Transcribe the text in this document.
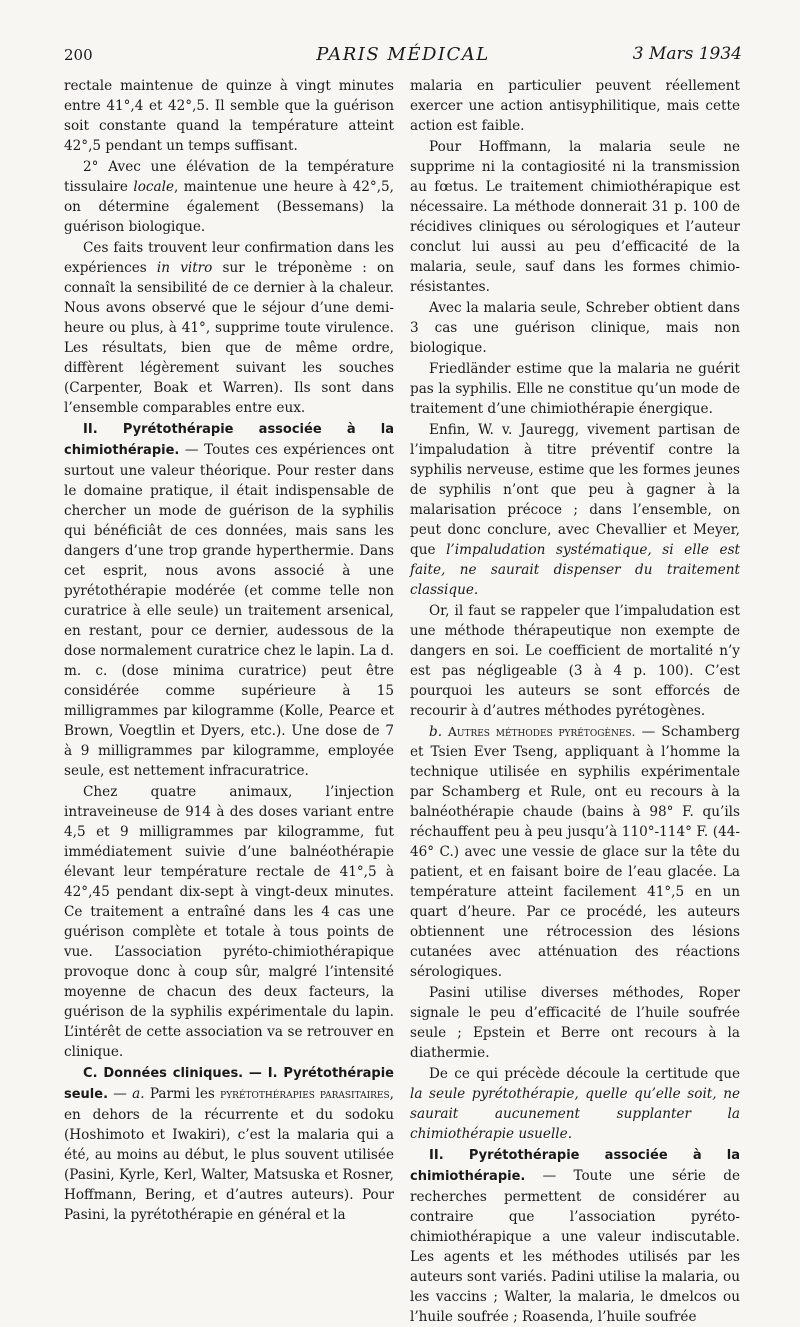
200	PARIS MÉDICAL	3 Mars 1934

rectale maintenue de quinze à vingt minutes entre 41°,4 et 42°,5. Il semble que la guérison soit constante quand la température atteint 42°,5 pendant un temps suffisant.

2° Avec une élévation de la température tissulaire locale, maintenue une heure à 42°,5, on détermine également (Bessemans) la guérison biologique.

Ces faits trouvent leur confirmation dans les expériences in vitro sur le tréponème : on connaît la sensibilité de ce dernier à la chaleur. Nous avons observé que le séjour d’une demi-heure ou plus, à 41°, supprime toute virulence. Les résultats, bien que de même ordre, diffèrent légèrement suivant les souches (Carpenter, Boak et Warren). Ils sont dans l’ensemble comparables entre eux.

II. Pyrétothérapie associée à la chimiothérapie. — Toutes ces expériences ont surtout une valeur théorique. Pour rester dans le domaine pratique, il était indispensable de chercher un mode de guérison de la syphilis qui bénéficiât de ces données, mais sans les dangers d’une trop grande hyperthermie. Dans cet esprit, nous avons associé à une pyrétothérapie modérée (et comme telle non curatrice à elle seule) un traitement arsenical, en restant, pour ce dernier, audessous de la dose normalement curatrice chez le lapin. La d. m. c. (dose minima curatrice) peut être considérée comme supérieure à 15 milligrammes par kilogramme (Kolle, Pearce et Brown, Voegtlin et Dyers, etc.). Une dose de 7 à 9 milligrammes par kilogramme, employée seule, est nettement infracuratrice.

Chez quatre animaux, l’injection intraveineuse de 914 à des doses variant entre 4,5 et 9 milligrammes par kilogramme, fut immédiatement suivie d’une balnéothérapie élevant leur température rectale de 41°,5 à 42°,45 pendant dix-sept à vingt-deux minutes. Ce traitement a entraîné dans les 4 cas une guérison complète et totale à tous points de vue. L’association pyréto-chimiothérapique provoque donc à coup sûr, malgré l’intensité moyenne de chacun des deux facteurs, la guérison de la syphilis expérimentale du lapin. L’intérêt de cette association va se retrouver en clinique.

C. Données cliniques. — I. Pyrétothérapie seule. — a. Parmi les pyrétothérapies parasitaires, en dehors de la récurrente et du sodoku (Hoshimoto et Iwakiri), c’est la malaria qui a été, au moins au début, le plus souvent utilisée (Pasini, Kyrle, Kerl, Walter, Matsuska et Rosner, Hoffmann, Bering, et d’autres auteurs). Pour Pasini, la pyrétothérapie en général et la

malaria en particulier peuvent réellement exercer une action antisyphilitique, mais cette action est faible.

Pour Hoffmann, la malaria seule ne supprime ni la contagiosité ni la transmission au fœtus. Le traitement chimiothérapique est nécessaire. La méthode donnerait 31 p. 100 de récidives cliniques ou sérologiques et l’auteur conclut lui aussi au peu d’efficacité de la malaria, seule, sauf dans les formes chimio-résistantes.

Avec la malaria seule, Schreber obtient dans 3 cas une guérison clinique, mais non biologique.

Friedländer estime que la malaria ne guérit pas la syphilis. Elle ne constitue qu’un mode de traitement d’une chimiothérapie énergique.

Enfin, W. v. Jauregg, vivement partisan de l’impaludation à titre préventif contre la syphilis nerveuse, estime que les formes jeunes de syphilis n’ont que peu à gagner à la malarisation précoce ; dans l’ensemble, on peut donc conclure, avec Chevallier et Meyer, que l’impaludation systématique, si elle est faite, ne saurait dispenser du traitement classique.

Or, il faut se rappeler que l’impaludation est une méthode thérapeutique non exempte de dangers en soi. Le coefficient de mortalité n’y est pas négligeable (3 à 4 p. 100). C’est pourquoi les auteurs se sont efforcés de recourir à d’autres méthodes pyrétogènes.

b. Autres méthodes pyrétogènes. — Schamberg et Tsien Ever Tseng, appliquant à l’homme la technique utilisée en syphilis expérimentale par Schamberg et Rule, ont eu recours à la balnéothérapie chaude (bains à 98° F. qu’ils réchauffent peu à peu jusqu’à 110°-114° F. (44-46° C.) avec une vessie de glace sur la tête du patient, et en faisant boire de l’eau glacée. La température atteint facilement 41°,5 en un quart d’heure. Par ce procédé, les auteurs obtiennent une rétrocession des lésions cutanées avec atténuation des réactions sérologiques.

Pasini utilise diverses méthodes, Roper signale le peu d’efficacité de l’huile soufrée seule ; Epstein et Berre ont recours à la diathermie.

De ce qui précède découle la certitude que la seule pyrétothérapie, quelle qu’elle soit, ne saurait aucunement supplanter la chimiothérapie usuelle.

II. Pyrétothérapie associée à la chimiothérapie. — Toute une série de recherches permettent de considérer au contraire que l’association pyréto-chimiothérapique a une valeur indiscutable. Les agents et les méthodes utilisés par les auteurs sont variés. Padini utilise la malaria, ou les vaccins ; Walter, la malaria, le dmelcos ou l’huile soufrée ; Roasenda, l’huile soufrée
